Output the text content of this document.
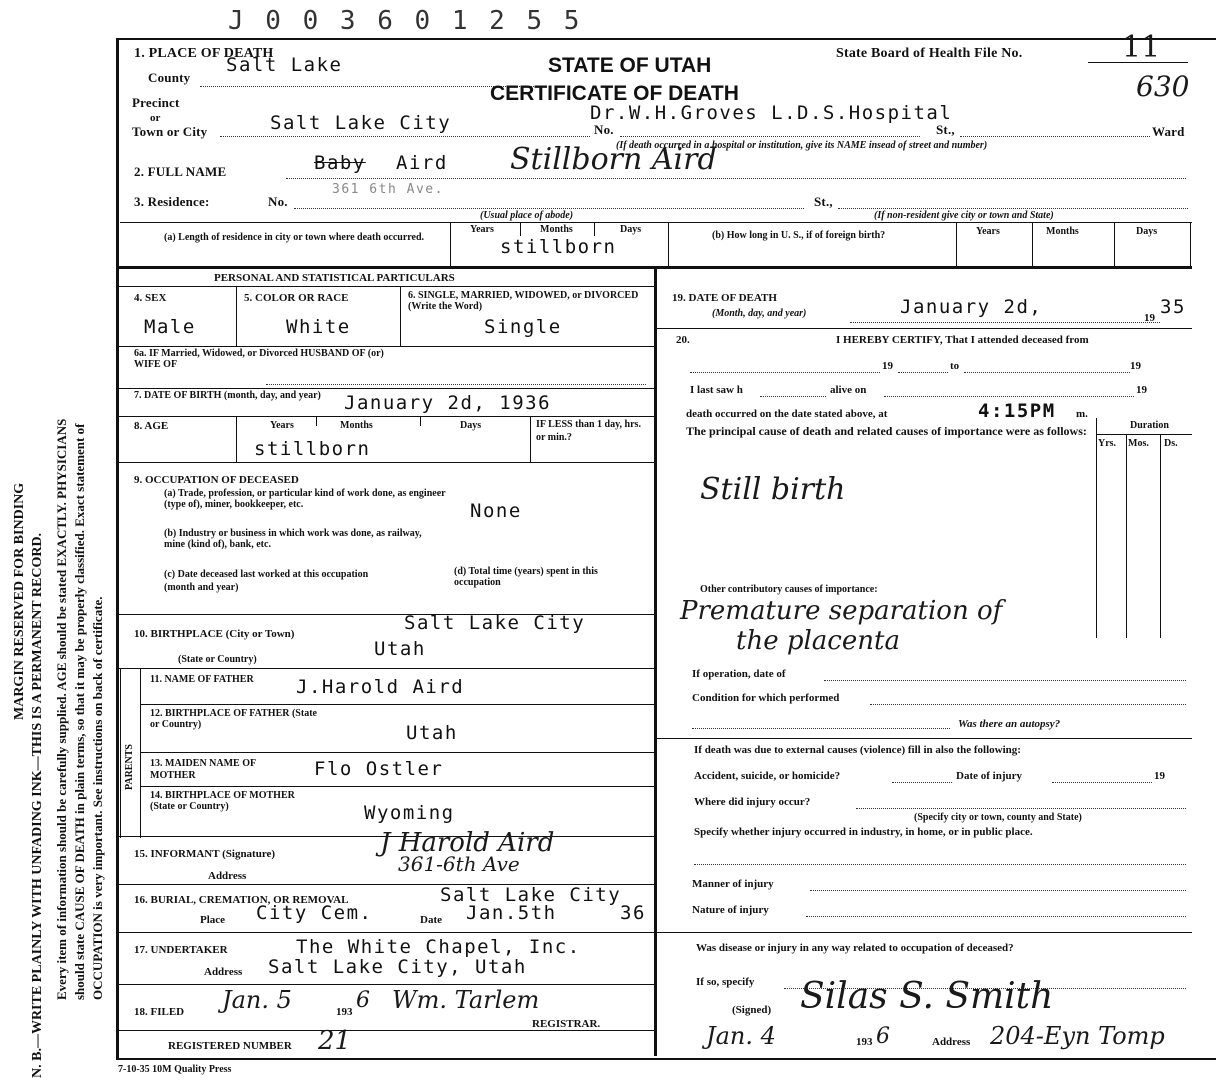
MARGIN RESERVED FOR BINDING N. B.—WRITE PLAINLY WITH UNFADING INK—THIS IS A PERMANENT RECORD. Every item of information should be carefully supplied. AGE should be stated EXACTLY. PHYSICIANS should state CAUSE OF DEATH in plain terms, so that it may be properly classified. Exact statement of OCCUPATION is very important. See instructions on back of certificate.
J 0 0 3 6 0 1 2 5 5
1. PLACE OF DEATH
STATE OF UTAH
State Board of Health File No.	11
630
County
Salt Lake
CERTIFICATE OF DEATH
Precinct
or
Town or City	Salt Lake City	Dr.W.H.Groves L.D.S.Hospital
No.	St.,	Ward
(If death occurred in a hospital or institution, give its NAME insead of street and number)
2. FULL NAME	Baby Aird Stillborn Aird
3. Residence:	No.
361 6th Ave.
St.,
(Usual place of abode)	(If non-resident give city or town and State)
(a) Length of residence in city or town where death occurred.
Years	Months	Days
stillborn
(b) How long in U. S., if of foreign birth?	Years	Months	Days
PERSONAL AND STATISTICAL PARTICULARS
4. SEX	5. COLOR OR RACE	6. SINGLE, MARRIED, WIDOWED, or DIVORCED (Write the Word)
Male	White	Single
6a. IF Married, Widowed, or Divorced HUSBAND OF (or) WIFE OF
7. DATE OF BIRTH (month, day, and year) January 2d, 1936
8. AGE	Years	Months	Days	IF LESS than 1 day, hrs. or min.?
stillborn
9. OCCUPATION OF DECEASED
(a) Trade, profession, or particular kind of work done, as engineer (type of), miner, bookkeeper, etc.	None
(b) Industry or business in which work was done, as railway, mine (kind of), bank, etc.
(c) Date deceased last worked at this occupation (month and year)
(d) Total time (years) spent in this occupation
10. BIRTHPLACE (City or Town)	Salt Lake City
(State or Country)	Utah
PARENTS
11. NAME OF FATHER	J.Harold Aird
12. BIRTHPLACE OF FATHER (State or Country)	Utah
13. MAIDEN NAME OF MOTHER	Flo Ostler
14. BIRTHPLACE OF MOTHER (State or Country)	Wyoming
15. INFORMANT (Signature)	J Harold Aird
Address	361-6th Ave
16. BURIAL, CREMATION, OR REMOVAL	Salt Lake City
Place City Cem.	Date Jan.5th	36
17. UNDERTAKER	The White Chapel, Inc.
Address Salt Lake City, Utah
18. FILED Jan. 5	193 6 Wm. Tarlem
REGISTRAR.
REGISTERED NUMBER 21
7-10-35 10M Quality Press
19. DATE OF DEATH
(Month, day, and year)	January 2d,	19 35
20.	I HEREBY CERTIFY, That I attended deceased from
19	to	19
I last saw h	alive on	19
death occurred on the date stated above, at	4:15PM m.
The principal cause of death and related causes of importance were as follows:	Duration
Yrs. Mos. Ds.
Still birth
Other contributory causes of importance:
Premature separation of
the placenta
If operation, date of
Condition for which performed
Was there an autopsy?
If death was due to external causes (violence) fill in also the following:
Accident, suicide, or homicide?	Date of injury	19
Where did injury occur?
(Specify city or town, county and State)
Specify whether injury occurred in industry, in home, or in public place.
Manner of injury
Nature of injury
Was disease or injury in any way related to occupation of deceased?
If so, specify
(Signed) Silas S. Smith
Jan. 4	193 6	Address 204-Eyn Tomp
